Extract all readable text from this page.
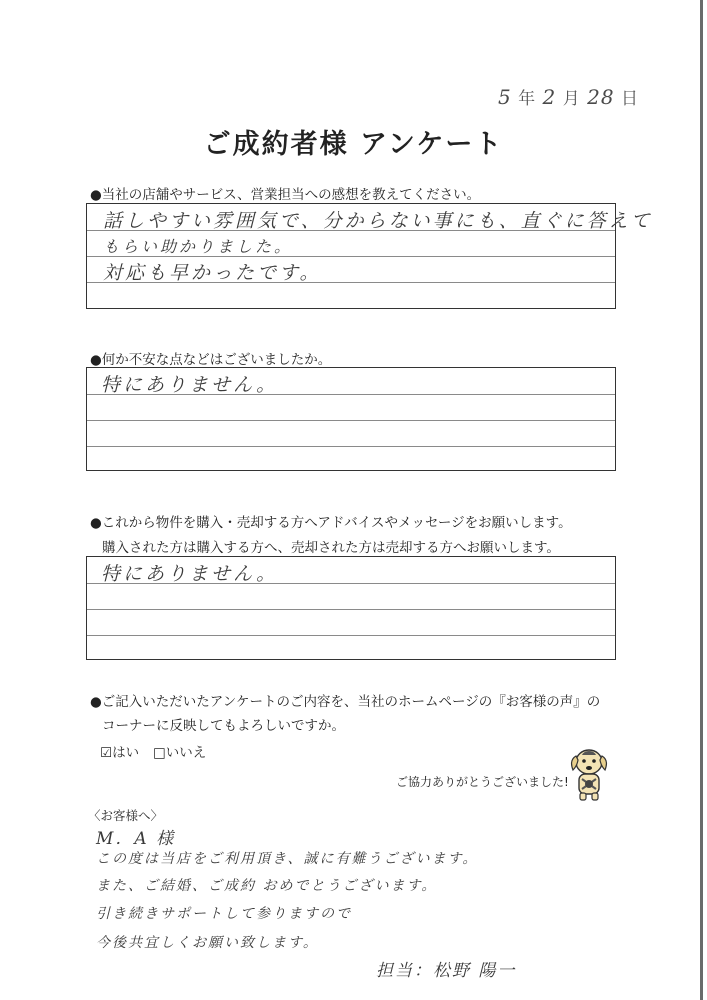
5 年 2 月 28 日
ご成約者様 アンケート
●当社の店舗やサービス、営業担当への感想を教えてください。
話しやすい雰囲気で、分からない事にも、直ぐに答えて
もらい助かりました。
対応も早かったです。
●何か不安な点などはございましたか。
特にありません。
●これから物件を購入・売却する方へアドバイスやメッセージをお願いします。
購入された方は購入する方へ、売却された方は売却する方へお願いします。
特にありません。
●ご記入いただいたアンケートのご内容を、当社のホームページの『お客様の声』の
コーナーに反映してもよろしいですか。
☑はい □いいえ
ご協力ありがとうございました!
〈お客様へ〉
M．A 様
この度は当店をご利用頂き、誠に有難うございます。
また、ご結婚、ご成約 おめでとうございます。
引き続きサポートして参りますので
今後共宜しくお願い致します。
担当：松野 陽一
